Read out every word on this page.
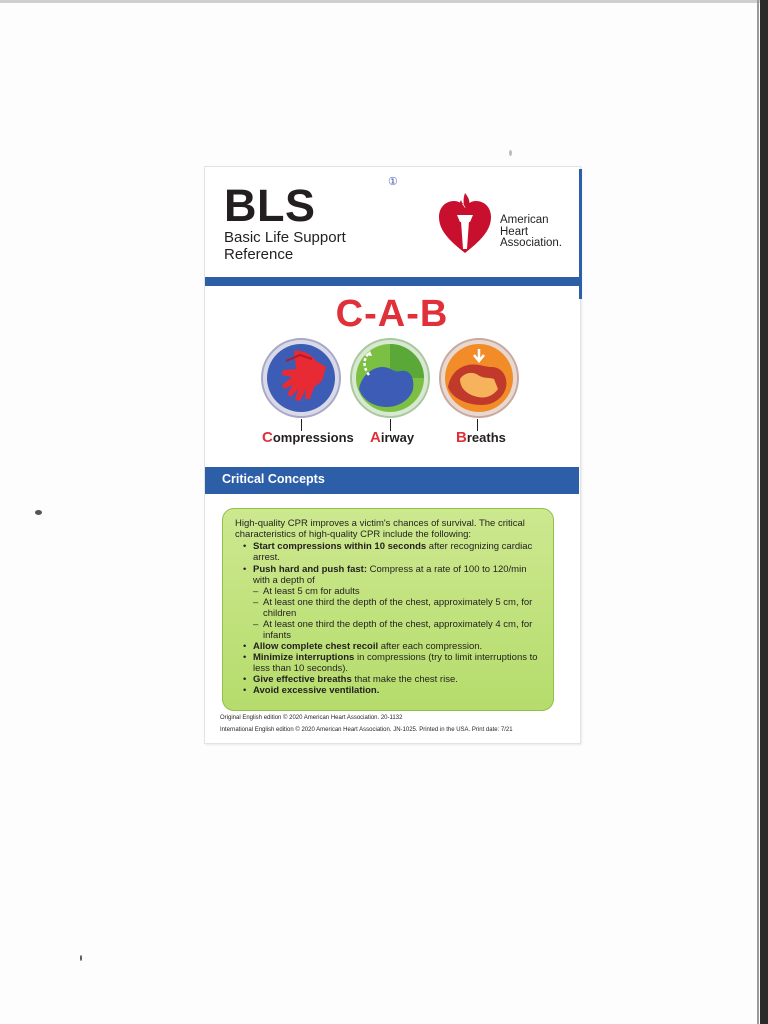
BLS
Basic Life Support Reference
①
American
Heart
Association.
C-A-B
Compressions Airway	Breaths
Critical Concepts
High-quality CPR improves a victim's chances of survival. The critical characteristics of high-quality CPR include the following:
• Start compressions within 10 seconds after recognizing cardiac arrest.
• Push hard and push fast: Compress at a rate of 100 to 120/min with a depth of
– At least 5 cm for adults
– At least one third the depth of the chest, approximately 5 cm, for children
– At least one third the depth of the chest, approximately 4 cm, for infants
• Allow complete chest recoil after each compression.
• Minimize interruptions in compressions (try to limit interruptions to less than 10 seconds).
• Give effective breaths that make the chest rise.
• Avoid excessive ventilation.
Original English edition © 2020 American Heart Association. 20-1132
International English edition © 2020 American Heart Association. JN-1025. Printed in the USA. Print date: 7/21
